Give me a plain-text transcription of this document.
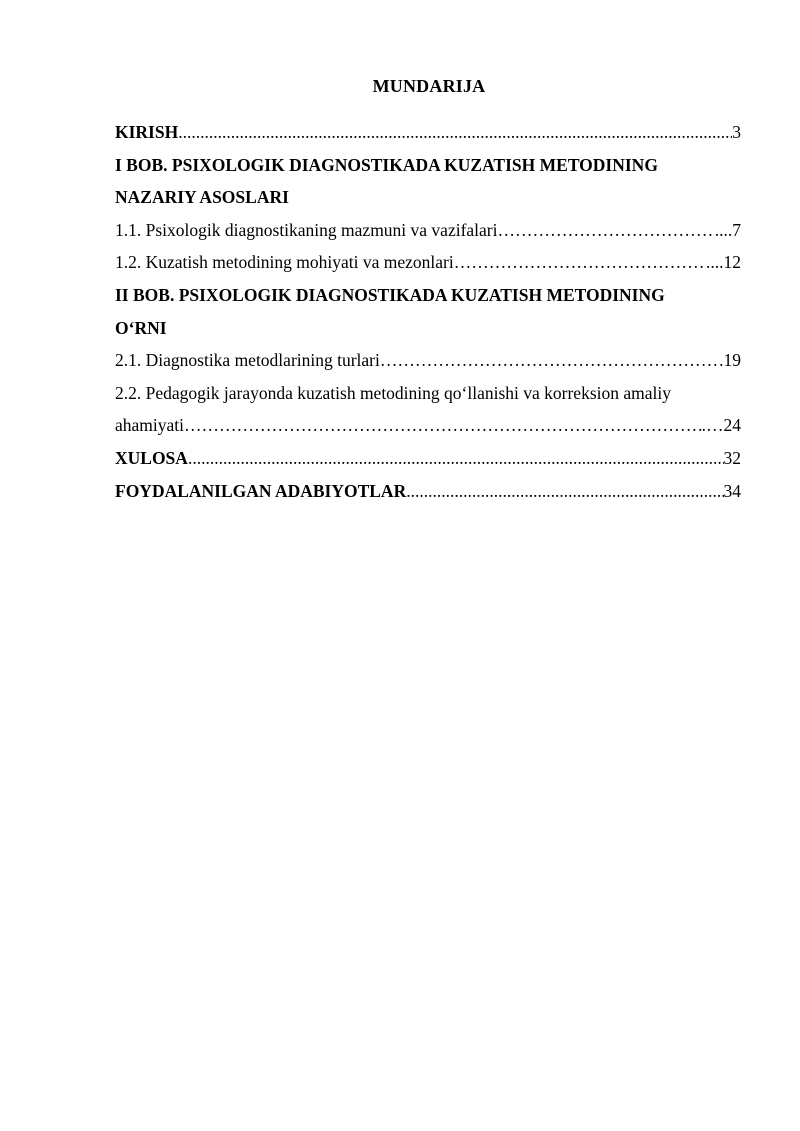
MUNDARIJA
KIRISH .....	3
I BOB. PSIXOLOGIK DIAGNOSTIKADA KUZATISH METODINING
NAZARIY ASOSLARI
1.1. Psixologik diagnostikaning mazmuni va vazifalari ………………………………………………………………………………………………………………………………………………………………………………………………	....7
1.2. Kuzatish metodining mohiyati va mezonlari ………………………………………………………………………………………………………………………………………………………………………………………………	....12
II BOB. PSIXOLOGIK DIAGNOSTIKADA KUZATISH METODINING
O‘RNI
2.1. Diagnostika metodlarining turlari ………………………………………………………………………………………………………………………………………………………………………………………………	.19
2.2. Pedagogik jarayonda kuzatish metodining qo‘llanishi va korreksion amaliy
ahamiyati ………………………………………………………………………………………………………………………………………………………………………………………………	.…24
XULOSA .....	32
FOYDALANILGAN ADABIYOTLAR .....	34
